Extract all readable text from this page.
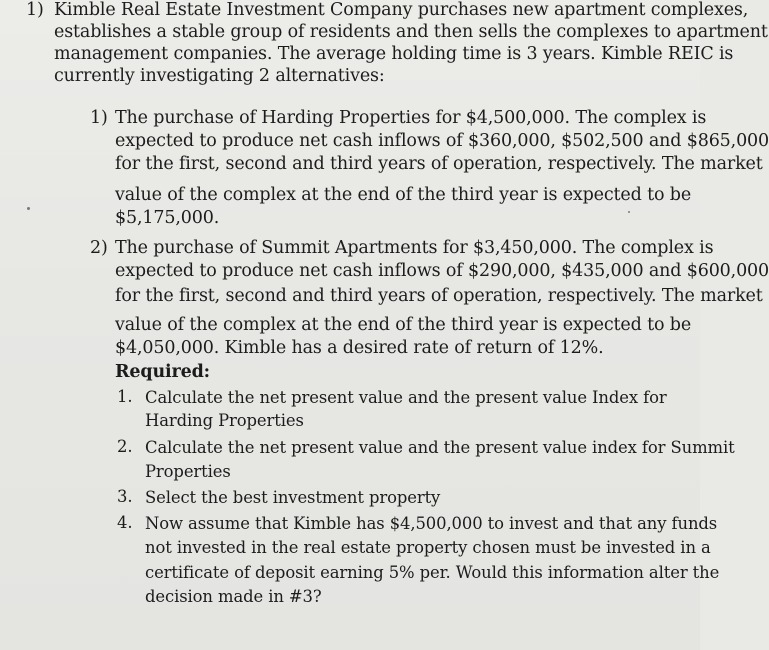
1) Kimble Real Estate Investment Company purchases new apartment complexes,
establishes a stable group of residents and then sells the complexes to apartment
management companies. The average holding time is 3 years. Kimble REIC is
currently investigating 2 alternatives:
1) The purchase of Harding Properties for $4,500,000. The complex is
expected to produce net cash inflows of $360,000, $502,500 and $865,000
for the first, second and third years of operation, respectively. The market
value of the complex at the end of the third year is expected to be
$5,175,000.
2) The purchase of Summit Apartments for $3,450,000. The complex is
expected to produce net cash inflows of $290,000, $435,000 and $600,000
for the first, second and third years of operation, respectively. The market
value of the complex at the end of the third year is expected to be
$4,050,000. Kimble has a desired rate of return of 12%.
Required:
1. Calculate the net present value and the present value Index for
Harding Properties
2. Calculate the net present value and the present value index for Summit
Properties
3. Select the best investment property
4. Now assume that Kimble has $4,500,000 to invest and that any funds
not invested in the real estate property chosen must be invested in a
certificate of deposit earning 5% per. Would this information alter the
decision made in #3?
